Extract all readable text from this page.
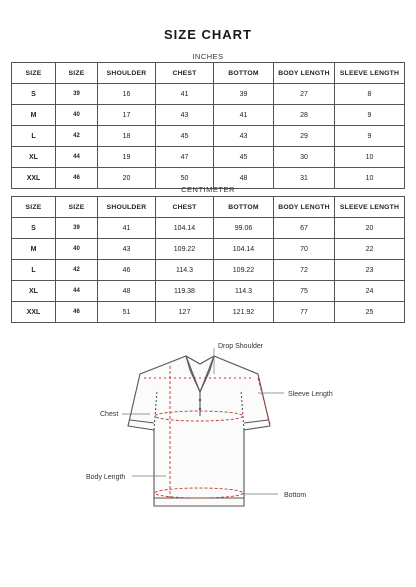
SIZE CHART
INCHES
SIZE	SIZE	SHOULDER	CHEST	BOTTOM	BODY LENGTH	SLEEVE LENGTH
S	39	16	41	39	27	8
M	40	17	43	41	28	9
L	42	18	45	43	29	9
XL	44	19	47	45	30	10
XXL	46	20	50	48	31	10
CENTIMETER
SIZE	SIZE	SHOULDER	CHEST	BOTTOM	BODY LENGTH	SLEEVE LENGTH
S	39	41	104.14	99.06	67	20
M	40	43	109.22	104.14	70	22
L	42	46	114.3	109.22	72	23
XL	44	48	119.38	114.3	75	24
XXL	46	51	127	121.92	77	25
Drop Shoulder
Sleeve Length
Chest
Body Length
Bottom
